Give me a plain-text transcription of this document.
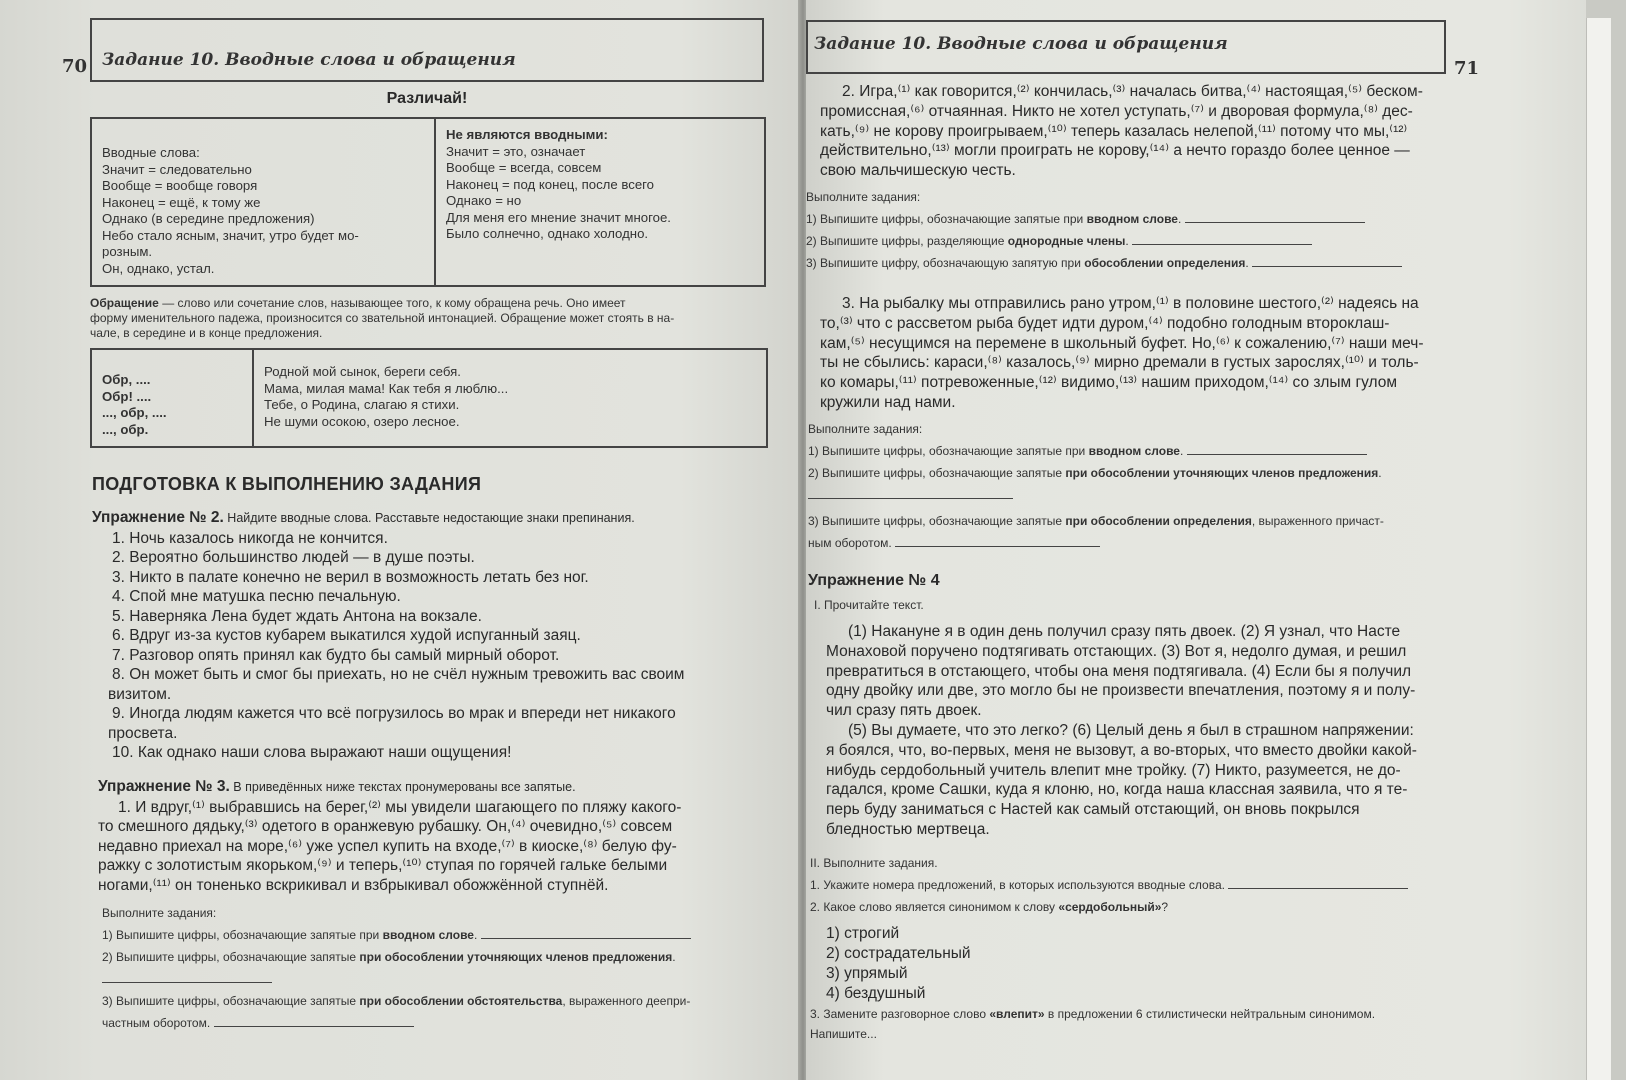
70 Задание 10. Вводные слова и обращения
Различай!
Вводные слова:
Значит = следовательно
Вообще = вообще говоря
Наконец = ещё, к тому же
Однако (в середине предложения)
Небо стало ясным, значит, утро будет мо-
розным.
Он, однако, устал.

Не являются вводными:
Значит = это, означает
Вообще = всегда, совсем
Наконец = под конец, после всего
Однако = но
Для меня его мнение значит многое.
Было солнечно, однако холодно.
Обращение — слово или сочетание слов, называющее того, к кому обращена речь. Оно имеет
форму именительного падежа, произносится со звательной интонацией. Обращение может стоять в на-
чале, в середине и в конце предложения.
Обр, ....
Обр! ....
..., обр, ....
..., обр.

Родной мой сынок, береги себя.
Мама, милая мама! Как тебя я люблю...
Тебе, о Родина, слагаю я стихи.
Не шуми осокою, озеро лесное.
ПОДГОТОВКА К ВЫПОЛНЕНИЮ ЗАДАНИЯ
Упражнение № 2. Найдите вводные слова. Расставьте недостающие знаки препинания.
1. Ночь казалось никогда не кончится.
2. Вероятно большинство людей — в душе поэты.
3. Никто в палате конечно не верил в возможность летать без ног.
4. Спой мне матушка песню печальную.
5. Наверняка Лена будет ждать Антона на вокзале.
6. Вдруг из-за кустов кубарем выкатился худой испуганный заяц.
7. Разговор опять принял как будто бы самый мирный оборот.
8. Он может быть и смог бы приехать, но не счёл нужным тревожить вас своим
визитом.
9. Иногда людям кажется что всё погрузилось во мрак и впереди нет никакого
просвета.
10. Как однако наши слова выражают наши ощущения!
Упражнение № 3. В приведённых ниже текстах пронумерованы все запятые.
1. И вдруг,⁽¹⁾ выбравшись на берег,⁽²⁾ мы увидели шагающего по пляжу какого-
то смешного дядьку,⁽³⁾ одетого в оранжевую рубашку. Он,⁽⁴⁾ очевидно,⁽⁵⁾ совсем
недавно приехал на море,⁽⁶⁾ уже успел купить на входе,⁽⁷⁾ в киоске,⁽⁸⁾ белую фу-
ражку с золотистым якорьком,⁽⁹⁾ и теперь,⁽¹⁰⁾ ступая по горячей гальке белыми
ногами,⁽¹¹⁾ он тоненько вскрикивал и взбрыкивал обожжённой ступнёй.
Выполните задания:
1) Выпишите цифры, обозначающие запятые при вводном слове.
2) Выпишите цифры, обозначающие запятые при обособлении уточняющих членов предложения.
3) Выпишите цифры, обозначающие запятые при обособлении обстоятельства, выраженного деепри-
частным оборотом.
Задание 10. Вводные слова и обращения
71
2. Игра,⁽¹⁾ как говорится,⁽²⁾ кончилась,⁽³⁾ началась битва,⁽⁴⁾ настоящая,⁽⁵⁾ беском-
промиссная,⁽⁶⁾ отчаянная. Никто не хотел уступать,⁽⁷⁾ и дворовая формула,⁽⁸⁾ дес-
кать,⁽⁹⁾ не корову проигрываем,⁽¹⁰⁾ теперь казалась нелепой,⁽¹¹⁾ потому что мы,⁽¹²⁾
действительно,⁽¹³⁾ могли проиграть не корову,⁽¹⁴⁾ а нечто гораздо более ценное —
свою мальчишескую честь.
Выполните задания:
1) Выпишите цифры, обозначающие запятые при вводном слове.
2) Выпишите цифры, разделяющие однородные члены.
3) Выпишите цифру, обозначающую запятую при обособлении определения.
3. На рыбалку мы отправились рано утром,⁽¹⁾ в половине шестого,⁽²⁾ надеясь на
то,⁽³⁾ что с рассветом рыба будет идти дуром,⁽⁴⁾ подобно голодным второклаш-
кам,⁽⁵⁾ несущимся на перемене в школьный буфет. Но,⁽⁶⁾ к сожалению,⁽⁷⁾ наши меч-
ты не сбылись: караси,⁽⁸⁾ казалось,⁽⁹⁾ мирно дремали в густых зарослях,⁽¹⁰⁾ и толь-
ко комары,⁽¹¹⁾ потревоженные,⁽¹²⁾ видимо,⁽¹³⁾ нашим приходом,⁽¹⁴⁾ со злым гулом
кружили над нами.
Выполните задания:
1) Выпишите цифры, обозначающие запятые при вводном слове.
2) Выпишите цифры, обозначающие запятые при обособлении уточняющих членов предложения.
3) Выпишите цифры, обозначающие запятые при обособлении определения, выраженного причаст-
ным оборотом.
Упражнение № 4
I. Прочитайте текст.
(1) Накануне я в один день получил сразу пять двоек. (2) Я узнал, что Насте
Монаховой поручено подтягивать отстающих. (3) Вот я, недолго думая, и решил
превратиться в отстающего, чтобы она меня подтягивала. (4) Если бы я получил
одну двойку или две, это могло бы не произвести впечатления, поэтому я и полу-
чил сразу пять двоек.
(5) Вы думаете, что это легко? (6) Целый день я был в страшном напряжении:
я боялся, что, во-первых, меня не вызовут, а во-вторых, что вместо двойки какой-
нибудь сердобольный учитель влепит мне тройку. (7) Никто, разумеется, не до-
гадался, кроме Сашки, куда я клоню, но, когда наша классная заявила, что я те-
перь буду заниматься с Настей как самый отстающий, он вновь покрылся
бледностью мертвеца.
II. Выполните задания.
1. Укажите номера предложений, в которых используются вводные слова.
2. Какое слово является синонимом к слову «сердобольный»?
1) строгий
2) сострадательный
3) упрямый
4) бездушный
3. Замените разговорное слово «влепит» в предложении 6 стилистически нейтральным синонимом.
Напишите...
